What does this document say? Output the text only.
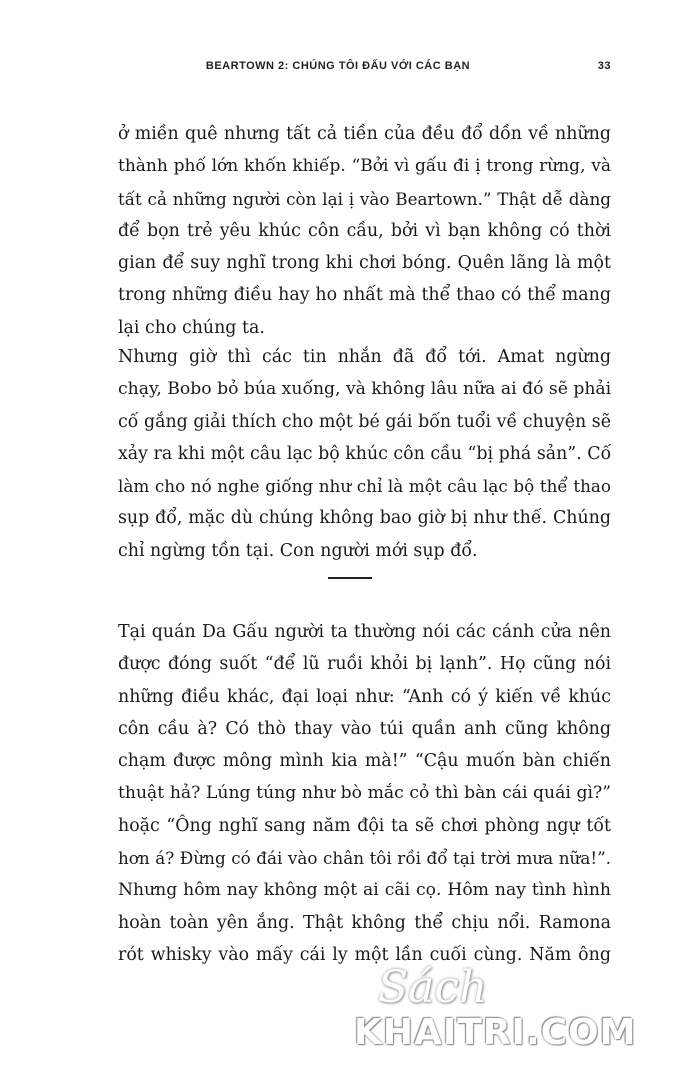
BEARTOWN 2: CHÚNG TÔI ĐẤU VỚI CÁC BẠN	33
ở miền quê nhưng tất cả tiền của đều đổ dồn về những
thành phố lớn khốn khiếp. “Bởi vì gấu đi ị trong rừng, và
tất cả những người còn lại ị vào Beartown.” Thật dễ dàng
để bọn trẻ yêu khúc côn cầu, bởi vì bạn không có thời
gian để suy nghĩ trong khi chơi bóng. Quên lãng là một
trong những điều hay ho nhất mà thể thao có thể mang
lại cho chúng ta.
Nhưng giờ thì các tin nhắn đã đổ tới. Amat ngừng
chạy, Bobo bỏ búa xuống, và không lâu nữa ai đó sẽ phải
cố gắng giải thích cho một bé gái bốn tuổi về chuyện sẽ
xảy ra khi một câu lạc bộ khúc côn cầu “bị phá sản”. Cố
làm cho nó nghe giống như chỉ là một câu lạc bộ thể thao
sụp đổ, mặc dù chúng không bao giờ bị như thế. Chúng
chỉ ngừng tồn tại. Con người mới sụp đổ.
Tại quán Da Gấu người ta thường nói các cánh cửa nên
được đóng suốt “để lũ ruồi khỏi bị lạnh”. Họ cũng nói
những điều khác, đại loại như: “Anh có ý kiến về khúc
côn cầu à? Có thò thay vào túi quần anh cũng không
chạm được mông mình kia mà!” “Cậu muốn bàn chiến
thuật hả? Lúng túng như bò mắc cỏ thì bàn cái quái gì?”
hoặc “Ông nghĩ sang năm đội ta sẽ chơi phòng ngự tốt
hơn á? Đừng có đái vào chân tôi rồi đổ tại trời mưa nữa!”.
Nhưng hôm nay không một ai cãi cọ. Hôm nay tình hình
hoàn toàn yên ắng. Thật không thể chịu nổi. Ramona
rót whisky vào mấy cái ly một lần cuối cùng. Năm ông
Sách
KHAITRI.COM
